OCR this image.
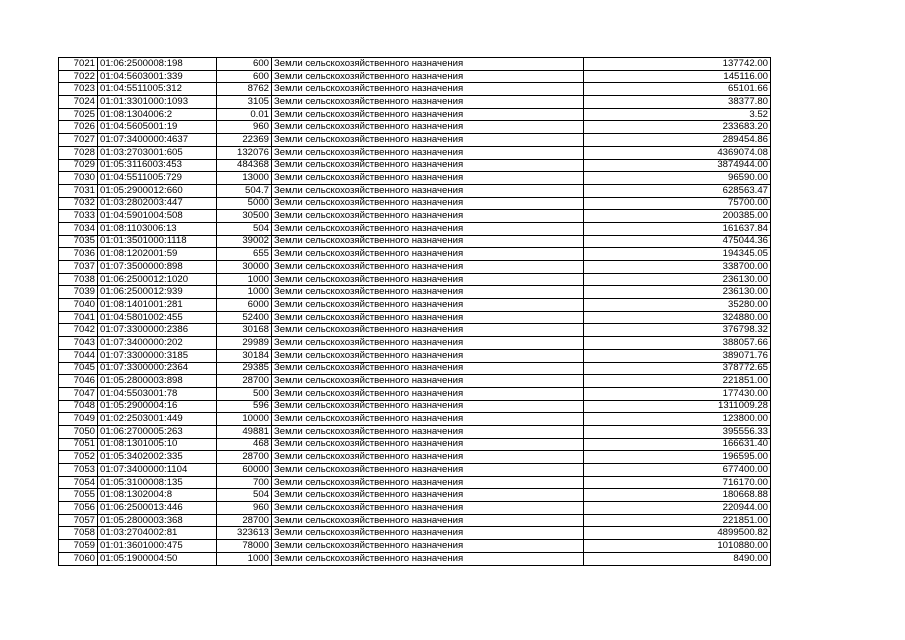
7021	01:06:2500008:198	600	Земли сельскохозяйственного назначения	137742.00
7022	01:04:5603001:339	600	Земли сельскохозяйственного назначения	145116.00
7023	01:04:5511005:312	8762	Земли сельскохозяйственного назначения	65101.66
7024	01:01:3301000:1093	3105	Земли сельскохозяйственного назначения	38377.80
7025	01:08:1304006:2	0.01	Земли сельскохозяйственного назначения	3.52
7026	01:04:5605001:19	960	Земли сельскохозяйственного назначения	233683.20
7027	01:07:3400000:4637	22369	Земли сельскохозяйственного назначения	289454.86
7028	01:03:2703001:605	132076	Земли сельскохозяйственного назначения	4369074.08
7029	01:05:3116003:453	484368	Земли сельскохозяйственного назначения	3874944.00
7030	01:04:5511005:729	13000	Земли сельскохозяйственного назначения	96590.00
7031	01:05:2900012:660	504.7	Земли сельскохозяйственного назначения	628563.47
7032	01:03:2802003:447	5000	Земли сельскохозяйственного назначения	75700.00
7033	01:04:5901004:508	30500	Земли сельскохозяйственного назначения	200385.00
7034	01:08:1103006:13	504	Земли сельскохозяйственного назначения	161637.84
7035	01:01:3501000:1118	39002	Земли сельскохозяйственного назначения	475044.36
7036	01:08:1202001:59	655	Земли сельскохозяйственного назначения	194345.05
7037	01:07:3500000:898	30000	Земли сельскохозяйственного назначения	338700.00
7038	01:06:2500012:1020	1000	Земли сельскохозяйственного назначения	236130.00
7039	01:06:2500012:939	1000	Земли сельскохозяйственного назначения	236130.00
7040	01:08:1401001:281	6000	Земли сельскохозяйственного назначения	35280.00
7041	01:04:5801002:455	52400	Земли сельскохозяйственного назначения	324880.00
7042	01:07:3300000:2386	30168	Земли сельскохозяйственного назначения	376798.32
7043	01:07:3400000:202	29989	Земли сельскохозяйственного назначения	388057.66
7044	01:07:3300000:3185	30184	Земли сельскохозяйственного назначения	389071.76
7045	01:07:3300000:2364	29385	Земли сельскохозяйственного назначения	378772.65
7046	01:05:2800003:898	28700	Земли сельскохозяйственного назначения	221851.00
7047	01:04:5503001:78	500	Земли сельскохозяйственного назначения	177430.00
7048	01:05:2900004:16	596	Земли сельскохозяйственного назначения	1311009.28
7049	01:02:2503001:449	10000	Земли сельскохозяйственного назначения	123800.00
7050	01:06:2700005:263	49881	Земли сельскохозяйственного назначения	395556.33
7051	01:08:1301005:10	468	Земли сельскохозяйственного назначения	166631.40
7052	01:05:3402002:335	28700	Земли сельскохозяйственного назначения	196595.00
7053	01:07:3400000:1104	60000	Земли сельскохозяйственного назначения	677400.00
7054	01:05:3100008:135	700	Земли сельскохозяйственного назначения	716170.00
7055	01:08:1302004:8	504	Земли сельскохозяйственного назначения	180668.88
7056	01:06:2500013:446	960	Земли сельскохозяйственного назначения	220944.00
7057	01:05:2800003:368	28700	Земли сельскохозяйственного назначения	221851.00
7058	01:03:2704002:81	323613	Земли сельскохозяйственного назначения	4899500.82
7059	01:01:3601000:475	78000	Земли сельскохозяйственного назначения	1010880.00
7060	01:05:1900004:50	1000	Земли сельскохозяйственного назначения	8490.00
